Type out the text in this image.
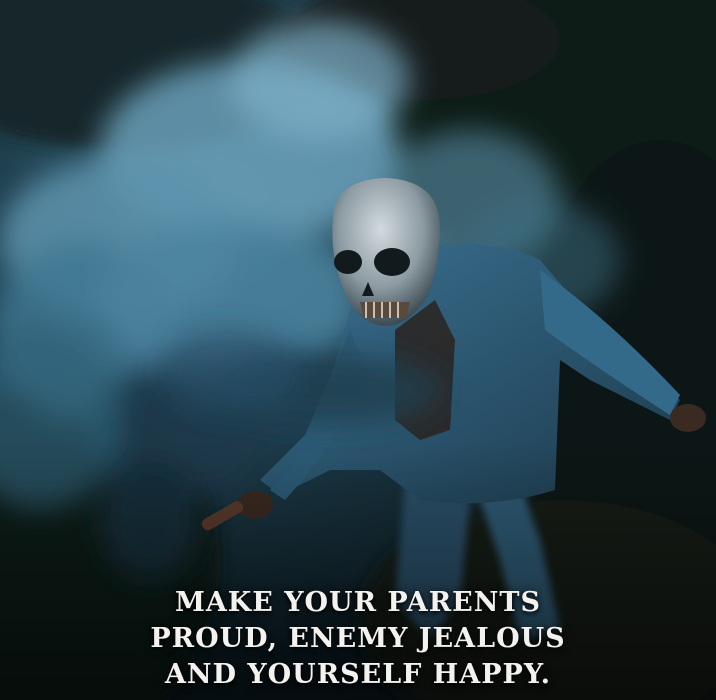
MAKE YOUR PARENTS
PROUD, ENEMY JEALOUS
AND YOURSELF HAPPY.
